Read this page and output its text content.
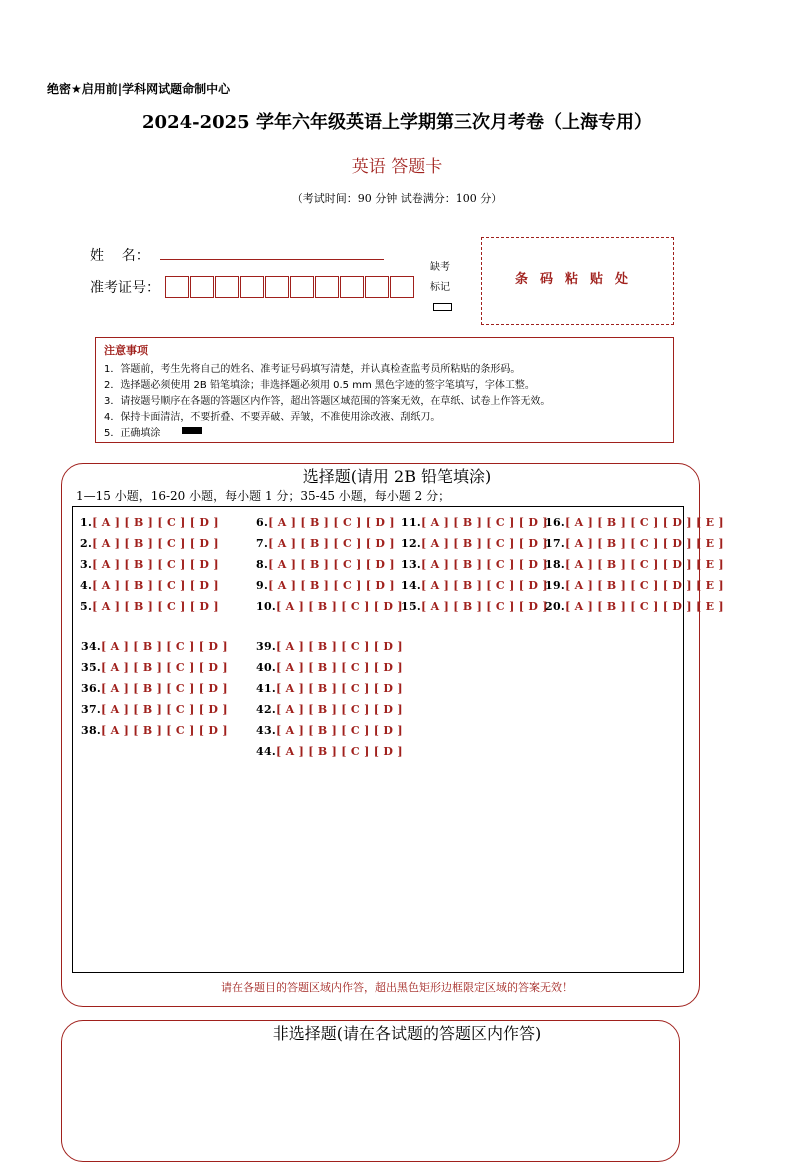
绝密★启用前|学科网试题命制中心
2024-2025 学年六年级英语上学期第三次月考卷（上海专用）
英语 答题卡
（考试时间：90 分钟 试卷满分：100 分）
姓    名：
准考证号：
缺考
标记
条码粘贴处
注意事项
1．答题前，考生先将自己的姓名、准考证号码填写清楚，并认真检查监考员所粘贴的条形码。
2．选择题必须使用 2B 铅笔填涂；非选择题必须用 0.5 mm 黑色字迹的签字笔填写，字体工整。
3．请按题号顺序在各题的答题区内作答，超出答题区域范围的答案无效，在草纸、试卷上作答无效。
4．保持卡面清洁，不要折叠、不要弄破、弄皱，不准使用涂改液、刮纸刀。
5．正确填涂
选择题(请用 2B 铅笔填涂)
1—15 小题，16-20 小题，每小题 1 分；35-45 小题，每小题 2 分；
1.[ A ] [ B ] [ C ] [ D ]
2.[ A ] [ B ] [ C ] [ D ]
3.[ A ] [ B ] [ C ] [ D ]
4.[ A ] [ B ] [ C ] [ D ]
5.[ A ] [ B ] [ C ] [ D ]
6.[ A ] [ B ] [ C ] [ D ]
7.[ A ] [ B ] [ C ] [ D ]
8.[ A ] [ B ] [ C ] [ D ]
9.[ A ] [ B ] [ C ] [ D ]
10.[ A ] [ B ] [ C ] [ D ]
11.[ A ] [ B ] [ C ] [ D ]
12.[ A ] [ B ] [ C ] [ D ]
13.[ A ] [ B ] [ C ] [ D ]
14.[ A ] [ B ] [ C ] [ D ]
15.[ A ] [ B ] [ C ] [ D ]
16.[ A ] [ B ] [ C ] [ D ] [ E ]
17.[ A ] [ B ] [ C ] [ D ] [ E ]
18.[ A ] [ B ] [ C ] [ D ] [ E ]
19.[ A ] [ B ] [ C ] [ D ] [ E ]
20.[ A ] [ B ] [ C ] [ D ] [ E ]
34.[ A ] [ B ] [ C ] [ D ]
35.[ A ] [ B ] [ C ] [ D ]
36.[ A ] [ B ] [ C ] [ D ]
37.[ A ] [ B ] [ C ] [ D ]
38.[ A ] [ B ] [ C ] [ D ]
39.[ A ] [ B ] [ C ] [ D ]
40.[ A ] [ B ] [ C ] [ D ]
41.[ A ] [ B ] [ C ] [ D ]
42.[ A ] [ B ] [ C ] [ D ]
43.[ A ] [ B ] [ C ] [ D ]
44.[ A ] [ B ] [ C ] [ D ]
请在各题目的答题区域内作答，超出黑色矩形边框限定区域的答案无效！
非选择题(请在各试题的答题区内作答)
